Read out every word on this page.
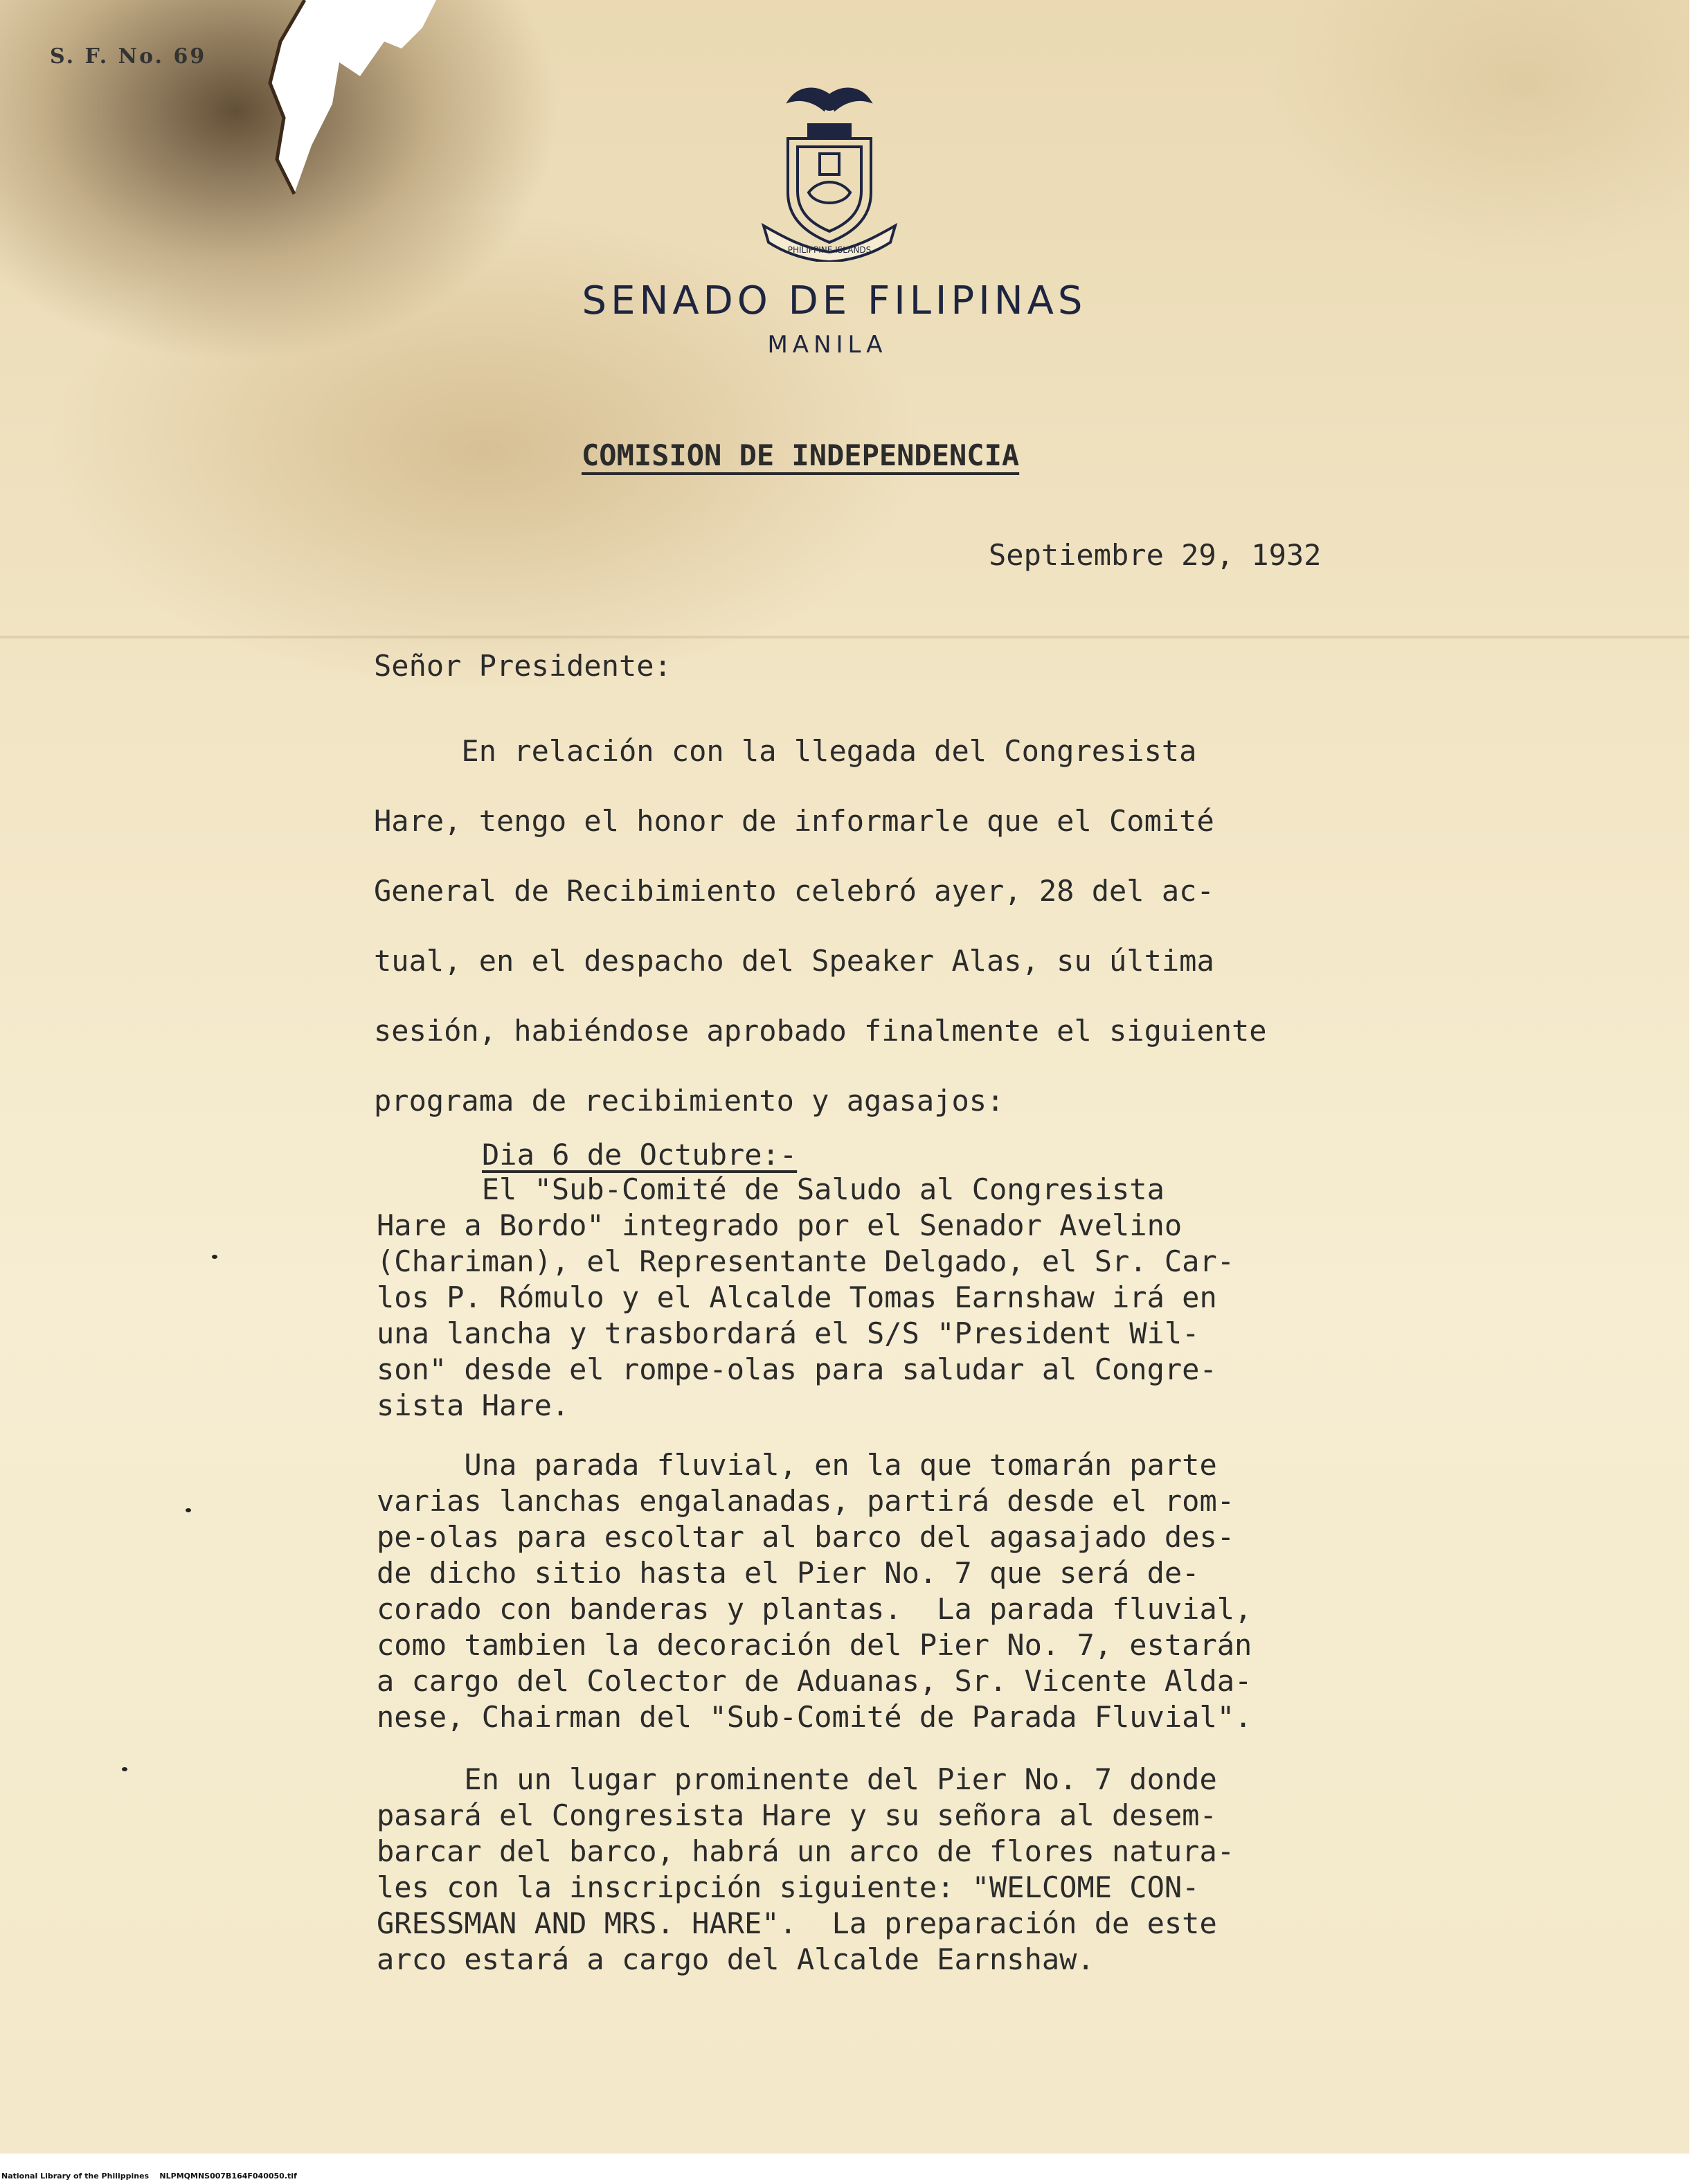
S. F. No. 69
PHILIPPINE ISLANDS
SENADO DE FILIPINAS
MANILA
COMISION DE INDEPENDENCIA
Septiembre 29, 1932
Señor Presidente:
En relación con la llegada del Congresista
Hare, tengo el honor de informarle que el Comité
General de Recibimiento celebró ayer, 28 del ac-
tual, en el despacho del Speaker Alas, su última
sesión, habiéndose aprobado finalmente el siguiente
programa de recibimiento y agasajos:
Dia 6 de Octubre:-
El "Sub-Comité de Saludo al Congresista
Hare a Bordo" integrado por el Senador Avelino
(Chariman), el Representante Delgado, el Sr. Car-
los P. Rómulo y el Alcalde Tomas Earnshaw irá en
una lancha y trasbordará el S/S "President Wil-
son" desde el rompe-olas para saludar al Congre-
sista Hare.
Una parada fluvial, en la que tomarán parte
varias lanchas engalanadas, partirá desde el rom-
pe-olas para escoltar al barco del agasajado des-
de dicho sitio hasta el Pier No. 7 que será de-
corado con banderas y plantas.  La parada fluvial,
como tambien la decoración del Pier No. 7, estarán
a cargo del Colector de Aduanas, Sr. Vicente Alda-
nese, Chairman del "Sub-Comité de Parada Fluvial".
En un lugar prominente del Pier No. 7 donde
pasará el Congresista Hare y su señora al desem-
barcar del barco, habrá un arco de flores natura-
les con la inscripción siguiente: "WELCOME CON-
GRESSMAN AND MRS. HARE".  La preparación de este
arco estará a cargo del Alcalde Earnshaw.
National Library of the Philippines    NLPMQMNS007B164F040050.tif
